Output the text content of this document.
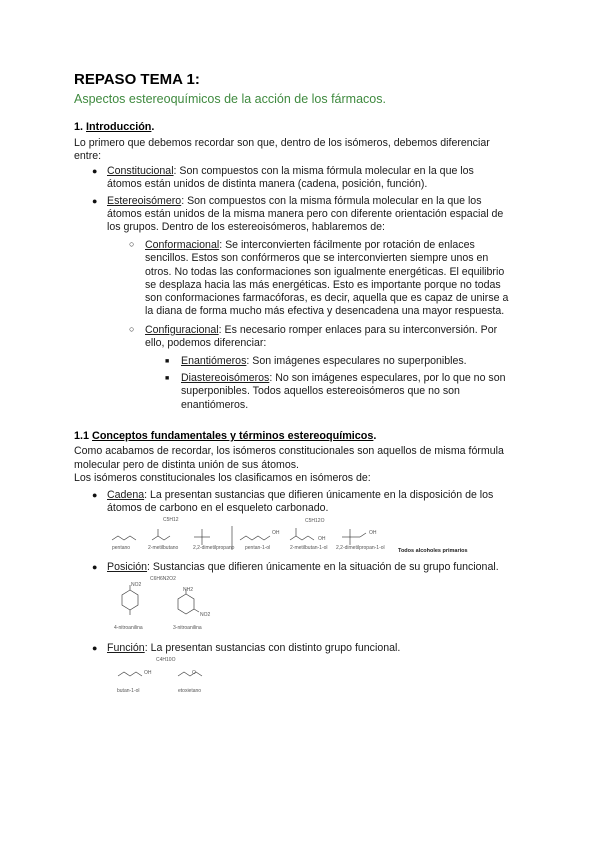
REPASO TEMA 1:
Aspectos estereoquímicos de la acción de los fármacos.
1. Introducción.
Lo primero que debemos recordar son que, dentro de los isómeros, debemos diferenciar
entre:
● Constitucional: Son compuestos con la misma fórmula molecular en la que los
átomos están unidos de distinta manera (cadena, posición, función).
● Estereoisómero: Son compuestos con la misma fórmula molecular en la que los
átomos están unidos de la misma manera pero con diferente orientación espacial de
los grupos. Dentro de los estereoisómeros, hablaremos de:
○ Conformacional: Se interconvierten fácilmente por rotación de enlaces
sencillos. Estos son confórmeros que se interconvierten siempre unos en
otros. No todas las conformaciones son igualmente energéticas. El equilibrio
se desplaza hacia las más energéticas. Esto es importante porque no todas
son conformaciones farmacóforas, es decir, aquella que es capaz de unirse a
la diana de forma mucho más efectiva y desencadena una mayor respuesta.
○ Configuracional: Es necesario romper enlaces para su interconversión. Por
ello, podemos diferenciar:
■ Enantiómeros: Son imágenes especulares no superponibles.
■ Diastereoisómeros: No son imágenes especulares, por lo que no son
superponibles. Todos aquellos estereoisómeros que no son
enantiómeros.
1.1 Conceptos fundamentales y términos estereoquímicos.
Como acabamos de recordar, los isómeros constitucionales son aquellos de misma fórmula
molecular pero de distinta unión de sus átomos.
Los isómeros constitucionales los clasificamos en isómeros de:
● Cadena: La presentan sustancias que difieren únicamente en la disposición de los
átomos de carbono en el esqueleto carbonado.
C5H12	C5H12O
OH
OH
OH
pentano	2-metilbutano	2,2-dimetilpropano pentan-1-ol	2-metilbutan-1-ol 2,2-dimetilpropan-1-ol Todos alcoholes primarios
● Posición: Sustancias que difieren únicamente en la situación de su grupo funcional.
C6H6N2O2
NO2
NH2
NO2
4-nitroanilina	3-nitroanilina
● Función: La presentan sustancias con distinto grupo funcional.
C4H10O
OH	O
butan-1-ol	etoxietano
